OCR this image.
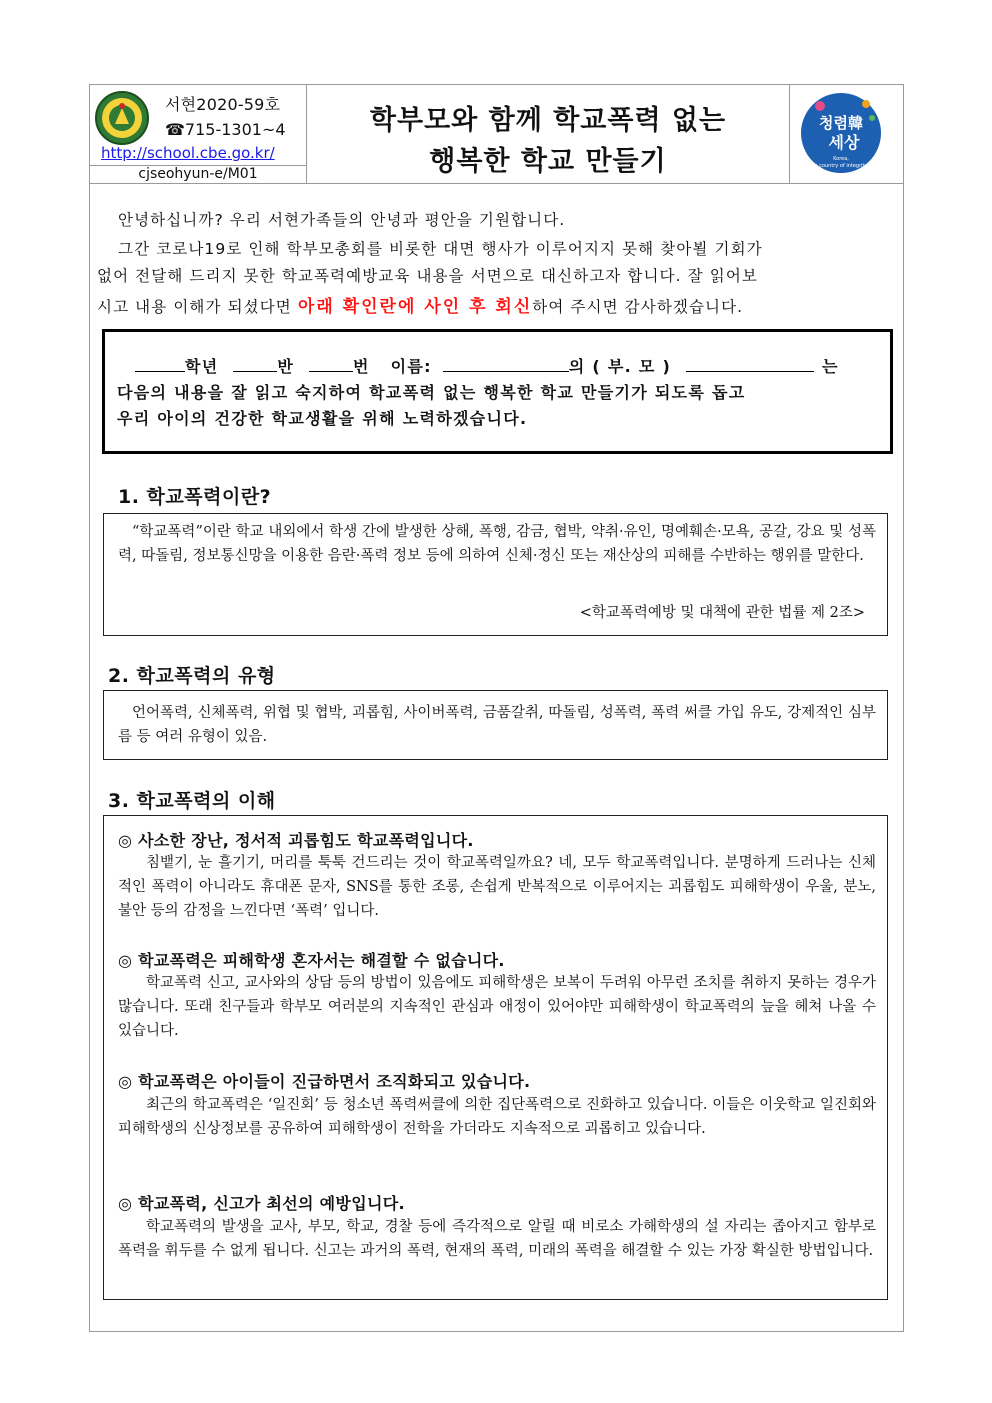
서현2020-59호
☎715-1301~4
http://school.cbe.go.kr/
cjseohyun-e/M01
학부모와 함께 학교폭력 없는
행복한 학교 만들기
청렴韓
세상
Korea,
a country of integrity
안녕하십니까? 우리 서현가족들의 안녕과 평안을 기원합니다.
그간 코로나19로 인해 학부모총회를 비롯한 대면 행사가 이루어지지 못해 찾아뵐 기회가
없어 전달해 드리지 못한 학교폭력예방교육 내용을 서면으로 대신하고자 합니다. 잘 읽어보
시고 내용 이해가 되셨다면 아래 확인란에 사인 후 회신하여 주시면 감사하겠습니다.
학년	반	번 이름:	의 ( 부. 모 )	는
다음의 내용을 잘 읽고 숙지하여 학교폭력 없는 행복한 학교 만들기가 되도록 돕고
우리 아이의 건강한 학교생활을 위해 노력하겠습니다.
1. 학교폭력이란?
“학교폭력”이란 학교 내외에서 학생 간에 발생한 상해, 폭행, 감금, 협박, 약취·유인, 명예훼손·모욕, 공갈, 강요 및 성폭력, 따돌림, 정보통신망을 이용한 음란·폭력 정보 등에 의하여 신체·정신 또는 재산상의 피해를 수반하는 행위를 말한다.
<학교폭력예방 및 대책에 관한 법률 제 2조>
2. 학교폭력의 유형
언어폭력, 신체폭력, 위협 및 협박, 괴롭힘, 사이버폭력, 금품갈취, 따돌림, 성폭력, 폭력 써클 가입 유도, 강제적인 심부름 등 여러 유형이 있음.
3. 학교폭력의 이해
◎ 사소한 장난, 정서적 괴롭힘도 학교폭력입니다.
침뱉기, 눈 흘기기, 머리를 툭툭 건드리는 것이 학교폭력일까요? 네, 모두 학교폭력입니다. 분명하게 드러나는 신체적인 폭력이 아니라도 휴대폰 문자, SNS를 통한 조롱, 손쉽게 반복적으로 이루어지는 괴롭힘도 피해학생이 우울, 분노, 불안 등의 감정을 느낀다면 ‘폭력’ 입니다.
◎ 학교폭력은 피해학생 혼자서는 해결할 수 없습니다.
학교폭력 신고, 교사와의 상담 등의 방법이 있음에도 피해학생은 보복이 두려워 아무런 조치를 취하지 못하는 경우가 많습니다. 또래 친구들과 학부모 여러분의 지속적인 관심과 애정이 있어야만 피해학생이 학교폭력의 늪을 헤쳐 나올 수 있습니다.
◎ 학교폭력은 아이들이 진급하면서 조직화되고 있습니다.
최근의 학교폭력은 ‘일진회’ 등 청소년 폭력써클에 의한 집단폭력으로 진화하고 있습니다. 이들은 이웃학교 일진회와 피해학생의 신상정보를 공유하여 피해학생이 전학을 가더라도 지속적으로 괴롭히고 있습니다.
◎ 학교폭력, 신고가 최선의 예방입니다.
학교폭력의 발생을 교사, 부모, 학교, 경찰 등에 즉각적으로 알릴 때 비로소 가해학생의 설 자리는 좁아지고 함부로 폭력을 휘두를 수 없게 됩니다. 신고는 과거의 폭력, 현재의 폭력, 미래의 폭력을 해결할 수 있는 가장 확실한 방법입니다.
